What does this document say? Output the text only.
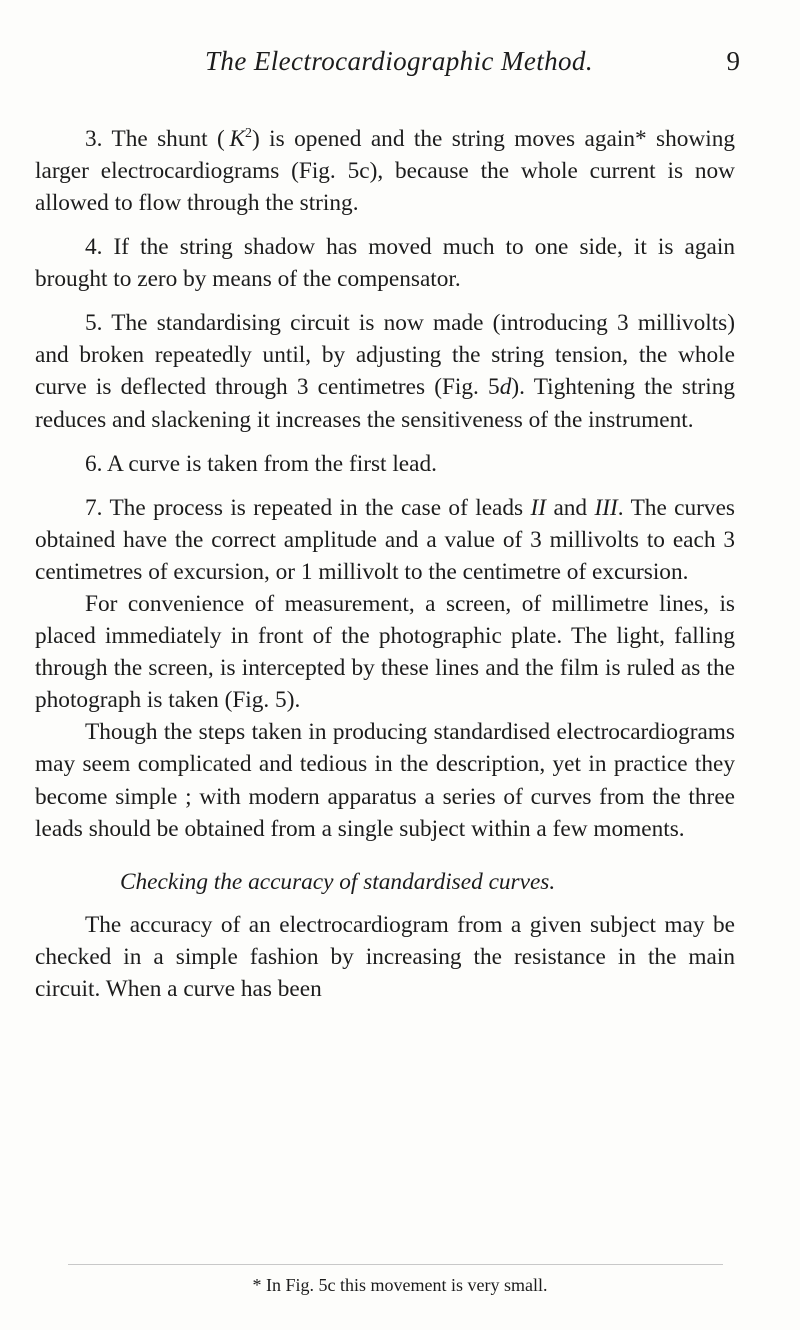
The Electrocardiographic Method.	9

3. The shunt ( $K^2$) is opened and the string moves again* showing larger electrocardiograms (Fig. 5c), because the whole current is now allowed to flow through the string.

4. If the string shadow has moved much to one side, it is again brought to zero by means of the compensator.

5. The standardising circuit is now made (introducing 3 millivolts) and broken repeatedly until, by adjusting the string tension, the whole curve is deflected through 3 centimetres (Fig. 5d). Tightening the string reduces and slackening it increases the sensitiveness of the instrument.

6. A curve is taken from the first lead.

7. The process is repeated in the case of leads II and III. The curves obtained have the correct amplitude and a value of 3 millivolts to each 3 centimetres of excursion, or 1 millivolt to the centimetre of excursion.

For convenience of measurement, a screen, of millimetre lines, is placed immediately in front of the photographic plate. The light, falling through the screen, is intercepted by these lines and the film is ruled as the photograph is taken (Fig. 5).

Though the steps taken in producing standardised electrocardiograms may seem complicated and tedious in the description, yet in practice they become simple ; with modern apparatus a series of curves from the three leads should be obtained from a single subject within a few moments.

Checking the accuracy of standardised curves.

The accuracy of an electrocardiogram from a given subject may be checked in a simple fashion by increasing the resistance in the main circuit. When a curve has been

* In Fig. 5c this movement is very small.
